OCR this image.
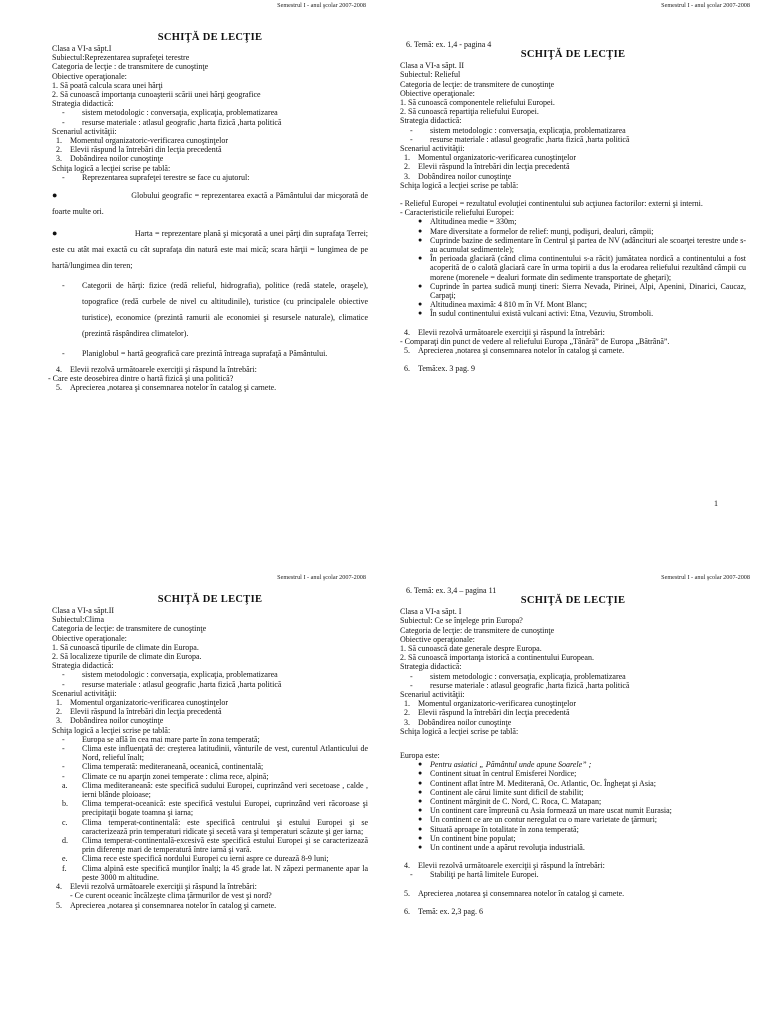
Semestrul I - anul şcolar 2007-2008

SCHIŢĂ DE LECŢIE

Clasa a VI-a săpt.I

Subiectul:Reprezentarea suprafeţei terestre

Categoria de lecţie : de transmitere de cunoştinţe

Obiective operaţionale:

1. Să poată calcula scara unei hărţi

2. Să cunoască importanţa cunoaşterii scării unei hărţi geografice

Strategia didactică:

- sistem metodologic : conversaţia, explicaţia, problematizarea

- resurse materiale : atlasul geografic ,harta fizică ,harta politică

Scenariul activităţii:

1. Momentul organizatoric-verificarea cunoştinţelor

2. Elevii răspund la întrebări din lecţia precedentă

3. Dobândirea noilor cunoştinţe

Schiţa logică a lecţiei scrise pe tablă:

- Reprezentarea suprafeţei terestre se face cu ajutorul:

●	Globului geografic = reprezentarea exactă a Pământului dar micşorată de foarte multe ori.

●	Harta = reprezentare plană şi micşorată a unei părţi din suprafaţa Terrei; este cu atât mai exactă cu cât suprafaţa din natură este mai mică; scara hărţii = lungimea de pe hartă/lungimea din teren;

- Categorii de hărţi: fizice (redă relieful, hidrografia), politice (redă statele, oraşele), topografice (redă curbele de nivel cu altitudinile), turistice (cu principalele obiective turistice), economice (prezintă ramurii ale economiei şi resursele naturale), climatice (prezintă răspândirea climatelor).

- Planiglobul = hartă geografică care prezintă întreaga suprafaţă a Pământului.

4. Elevii rezolvă următoarele exerciţii şi răspund la întrebări:

- Care este deosebirea dintre o hartă fizică şi una politică?

5. Aprecierea ,notarea şi consemnarea notelor în catalog şi carnete.

Semestrul I - anul şcolar 2007-2008

6. Temă: ex. 1,4 - pagina 4

SCHIŢĂ DE LECŢIE

Clasa a VI-a săpt. II

Subiectul: Relieful

Categoria de lecţie: de transmitere de cunoştinţe

Obiective operaţionale:

1. Să cunoască componentele reliefului Europei.

2. Să cunoască repartiţia reliefului Europei.

Strategia didactică:

- sistem metodologic : conversaţia, explicaţia, problematizarea

- resurse materiale : atlasul geografic ,harta fizică ,harta politică

Scenariul activităţii:

1. Momentul organizatoric-verificarea cunoştinţelor

2. Elevii răspund la întrebări din lecţia precedentă

3. Dobândirea noilor cunoştinţe

Schiţa logică a lecţiei scrise pe tablă:

- Relieful Europei = rezultatul evoluţiei continentului sub acţiunea factorilor: externi şi interni.

- Caracteristicile reliefului Europei:

● Altitudinea medie = 330m;

● Mare diversitate a formelor de relief: munţi, podişuri, dealuri, câmpii;

● Cuprinde bazine de sedimentare în Centrul şi partea de NV (adâncituri ale scoarţei terestre unde s-au acumulat sedimentele);

● În perioada glaciară (când clima continentului s-a răcit) jumătatea nordică a continentului a fost acoperită de o calotă glaciară care în urma topirii a dus la erodarea reliefului rezultând câmpii cu morene (morenele = dealuri formate din sedimente transportate de gheţari);

● Cuprinde în partea sudică munţi tineri: Sierra Nevada, Pirinei, Alpi, Apenini, Dinarici, Caucaz, Carpaţi;

● Altitudinea maximă: 4 810 m în Vf. Mont Blanc;

● În sudul continentului există vulcani activi: Etna, Vezuviu, Stromboli.

4. Elevii rezolvă următoarele exerciţii şi răspund la întrebări:

- Comparaţi din punct de vedere al reliefului Europa „Tânără” de Europa „Bătrână”.

5. Aprecierea ,notarea şi consemnarea notelor în catalog şi carnete.

6. Temă:ex. 3 pag. 9

1
Semestrul I - anul şcolar 2007-2008

SCHIŢĂ DE LECŢIE

Clasa a VI-a săpt.II

Subiectul:Clima

Categoria de lecţie: de transmitere de cunoştinţe

Obiective operaţionale:

1. Să cunoască tipurile de climate din Europa.

2. Să localizeze tipurile de climate din Europa.

Strategia didactică:

- sistem metodologic : conversaţia, explicaţia, problematizarea

- resurse materiale : atlasul geografic ,harta fizică ,harta politică

Scenariul activităţii:

1. Momentul organizatoric-verificarea cunoştinţelor

2. Elevii răspund la întrebări din lecţia precedentă

3. Dobândirea noilor cunoştinţe

Schiţa logică a lecţiei scrise pe tablă:

- Europa se află în cea mai mare parte în zona temperată;

- Clima este influenţată de: creşterea latitudinii, vânturile de vest, curentul Atlanticului de Nord, relieful înalt;

- Clima temperată: mediteraneană, oceanică, continentală;

- Climate ce nu aparţin zonei temperate : clima rece, alpină;

a. Clima mediteraneană: este specifică sudului Europei, cuprinzând veri secetoase , calde , ierni blânde ploioase;

b. Clima temperat-oceanică: este specifică vestului Europei, cuprinzând veri răcoroase şi precipitaţii bogate toamna şi iarna;

c. Clima temperat-continentală: este specifică centrului şi estului Europei şi se caracterizează prin temperaturi ridicate şi secetă vara şi temperaturi scăzute şi ger iarna;

d. Clima temperat-continentală-excesivă este specifică estului Europei şi se caracterizează prin diferenţe mari de temperatură între iarnă şi vară.

e. Clima rece este specifică nordului Europei cu ierni aspre ce durează 8-9 luni;

f. Clima alpină este specifică munţilor înalţi; la 45 grade lat. N zăpezi permanente apar la peste 3000 m altitudine.

4. Elevii rezolvă următoarele exerciţii şi răspund la întrebări:

- Ce curent oceanic încălzeşte clima ţărmurilor de vest şi nord?

5. Aprecierea ,notarea şi consemnarea notelor în catalog şi carnete.

Semestrul I - anul şcolar 2007-2008

6. Temă: ex. 3,4 – pagina 11

SCHIŢĂ DE LECŢIE

Clasa a VI-a săpt. I

Subiectul: Ce se înţelege prin Europa?

Categoria de lecţie: de transmitere de cunoştinţe

Obiective operaţionale:

1. Să cunoască date generale despre Europa.

2. Să cunoască importanţa istorică a continentului European.

Strategia didactică:

- sistem metodologic : conversaţia, explicaţia, problematizarea

- resurse materiale : atlasul geografic ,harta fizică ,harta politică

Scenariul activităţii:

1. Momentul organizatoric-verificarea cunoştinţelor

2. Elevii răspund la întrebări din lecţia precedentă

3. Dobândirea noilor cunoştinţe

Schiţa logică a lecţiei scrise pe tablă:

Europa este:

● Pentru asiatici „ Pământul unde apune Soarele” ;

● Continent situat în centrul Emisferei Nordice;

● Continent aflat între M. Mediterană, Oc. Atlantic, Oc. Îngheţat şi Asia;

● Continent ale cărui limite sunt dificil de stabilit;

● Continent mărginit de C. Nord, C. Roca, C. Matapan;

● Un continent care împreună cu Asia formează un mare uscat numit Eurasia;

● Un continent ce are un contur neregulat cu o mare varietate de ţărmuri;

● Situată aproape în totalitate în zona temperată;

● Un continent bine populat;

● Un continent unde a apărut revoluţia industrială.

4. Elevii rezolvă următoarele exerciţii şi răspund la întrebări:

- Stabiliţi pe hartă limitele Europei.

5. Aprecierea ,notarea şi consemnarea notelor în catalog şi carnete.

6. Temă: ex. 2,3 pag. 6
